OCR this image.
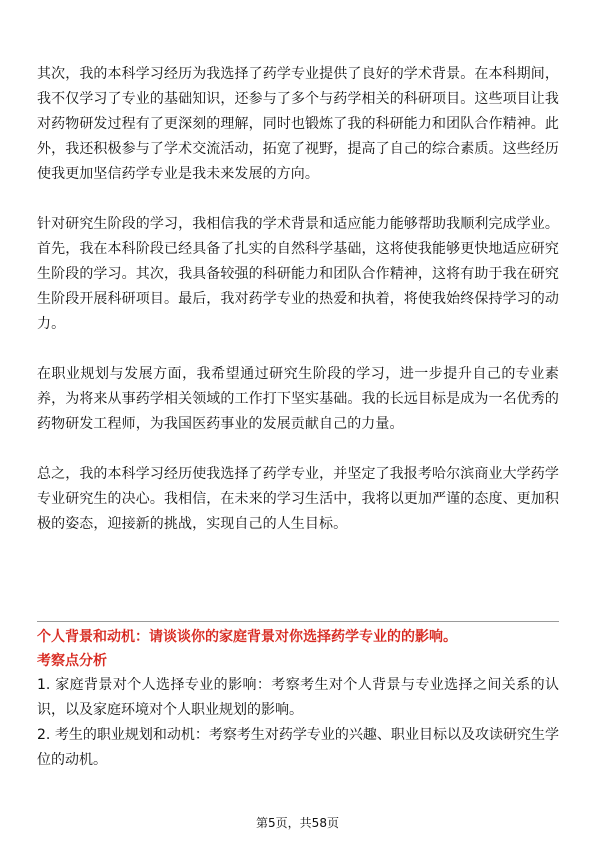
其次，我的本科学习经历为我选择了药学专业提供了良好的学术背景。在本科期间，我不仅学习了专业的基础知识，还参与了多个与药学相关的科研项目。这些项目让我对药物研发过程有了更深刻的理解，同时也锻炼了我的科研能力和团队合作精神。此外，我还积极参与了学术交流活动，拓宽了视野，提高了自己的综合素质。这些经历使我更加坚信药学专业是我未来发展的方向。

针对研究生阶段的学习，我相信我的学术背景和适应能力能够帮助我顺利完成学业。首先，我在本科阶段已经具备了扎实的自然科学基础，这将使我能够更快地适应研究生阶段的学习。其次，我具备较强的科研能力和团队合作精神，这将有助于我在研究生阶段开展科研项目。最后，我对药学专业的热爱和执着，将使我始终保持学习的动力。

在职业规划与发展方面，我希望通过研究生阶段的学习，进一步提升自己的专业素养，为将来从事药学相关领域的工作打下坚实基础。我的长远目标是成为一名优秀的药物研发工程师，为我国医药事业的发展贡献自己的力量。

总之，我的本科学习经历使我选择了药学专业，并坚定了我报考哈尔滨商业大学药学专业研究生的决心。我相信，在未来的学习生活中，我将以更加严谨的态度、更加积极的姿态，迎接新的挑战，实现自己的人生目标。

个人背景和动机：请谈谈你的家庭背景对你选择药学专业的的影响。

考察点分析

1. 家庭背景对个人选择专业的影响：考察考生对个人背景与专业选择之间关系的认识，以及家庭环境对个人职业规划的影响。

2. 考生的职业规划和动机：考察考生对药学专业的兴趣、职业目标以及攻读研究生学位的动机。

第5页，共58页
